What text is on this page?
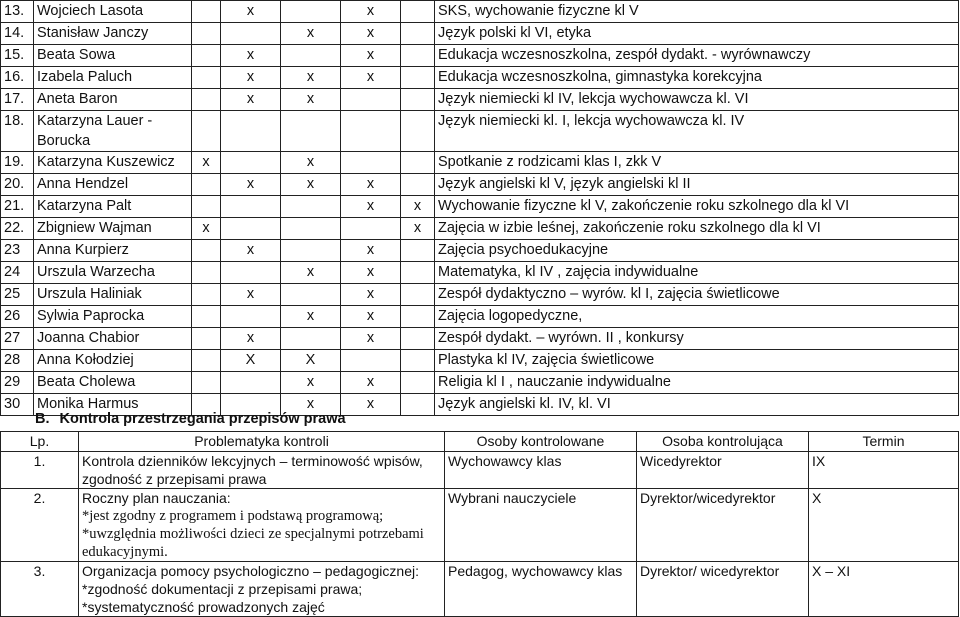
13.	Wojciech Lasota		x		x		SKS, wychowanie fizyczne kl V
14.	Stanisław Janczy			x	x		Język polski kl VI, etyka
15.	Beata Sowa		x		x		Edukacja wczesnoszkolna, zespół dydakt. - wyrównawczy
16.	Izabela Paluch		x	x	x		Edukacja wczesnoszkolna, gimnastyka korekcyjna
17.	Aneta Baron		x	x			Język niemiecki kl IV, lekcja wychowawcza kl. VI
18.	Katarzyna Lauer - Borucka						Język niemiecki kl. I, lekcja wychowawcza kl. IV
19.	Katarzyna Kuszewicz	x		x			Spotkanie z rodzicami klas I, zkk V
20.	Anna Hendzel		x	x	x		Język angielski kl V, język angielski kl II
21.	Katarzyna Palt				x	x	Wychowanie fizyczne kl V, zakończenie roku szkolnego dla kl VI
22.	Zbigniew Wajman	x				x	Zajęcia w izbie leśnej, zakończenie roku szkolnego dla kl VI
23	Anna Kurpierz		x		x		Zajęcia psychoedukacyjne
24	Urszula Warzecha			x	x		Matematyka, kl IV , zajęcia indywidualne
25	Urszula Haliniak		x		x		Zespół dydaktyczno – wyrów. kl I, zajęcia świetlicowe
26	Sylwia Paprocka			x	x		Zajęcia logopedyczne,
27	Joanna Chabior		x		x		Zespół dydakt. – wyrówn. II , konkursy
28	Anna Kołodziej		X	X			Plastyka kl IV, zajęcia świetlicowe
29	Beata Cholewa			x	x		Religia kl I , nauczanie indywidualne
30	Monika Harmus			x	x		Język angielski kl. IV, kl. VI
B. Kontrola przestrzegania przepisów prawa
Lp.	Problematyka kontroli	Osoby kontrolowane	Osoba kontrolująca	Termin
1.	Kontrola dzienników lekcyjnych – terminowość wpisów, zgodność z przepisami prawa	Wychowawcy klas	Wicedyrektor	IX
2.	Roczny plan nauczania:
*jest zgodny z programem i podstawą programową;
*uwzględnia możliwości dzieci ze specjalnymi potrzebami edukacyjnymi.	Wybrani nauczyciele	Dyrektor/wicedyrektor	X
3.	Organizacja pomocy psychologiczno – pedagogicznej:
*zgodność dokumentacji z przepisami prawa;
*systematyczność prowadzonych zajęć	Pedagog, wychowawcy klas	Dyrektor/ wicedyrektor	X – XI
